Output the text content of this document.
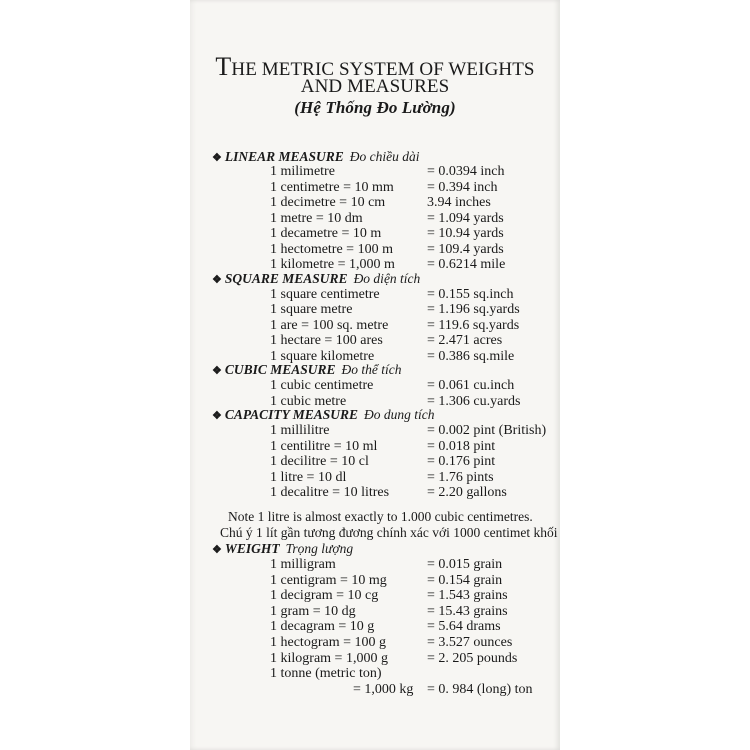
THE METRIC SYSTEM OF WEIGHTS
AND MEASURES
(Hệ Thống Đo Lường)
❖ LINEAR MEASURE Đo chiều dài
1 milimetre	= 0.0394 inch
1 centimetre = 10 mm = 0.394 inch
1 decimetre = 10 cm	3.94 inches
1 metre = 10 dm	= 1.094 yards
1 decametre = 10 m	= 10.94 yards
1 hectometre = 100 m = 109.4 yards
1 kilometre = 1,000 m = 0.6214 mile
❖ SQUARE MEASURE Đo diện tích
1 square centimetre	= 0.155 sq.inch
1 square metre	= 1.196 sq.yards
1 are = 100 sq. metre	= 119.6 sq.yards
1 hectare = 100 ares	= 2.471 acres
1 square kilometre	= 0.386 sq.mile
❖ CUBIC MEASURE Đo thể tích
1 cubic centimetre	= 0.061 cu.inch
1 cubic metre	= 1.306 cu.yards
❖ CAPACITY MEASURE Đo dung tích
1 millilitre	= 0.002 pint (British)
1 centilitre = 10 ml	= 0.018 pint
1 decilitre = 10 cl	= 0.176 pint
1 litre = 10 dl	= 1.76 pints
1 decalitre = 10 litres	= 2.20 gallons
Note 1 litre is almost exactly to 1.000 cubic centimetres.
Chú ý 1 lít gần tương đương chính xác với 1000 centimet khối
❖ WEIGHT Trọng lượng
1 milligram	= 0.015 grain
1 centigram = 10 mg	= 0.154 grain
1 decigram = 10 cg	= 1.543 grains
1 gram = 10 dg	= 15.43 grains
1 decagram = 10 g	= 5.64 drams
1 hectogram = 100 g	= 3.527 ounces
1 kilogram = 1,000 g	= 2. 205 pounds
1 tonne (metric ton)
= 1,000 kg = 0. 984 (long) ton
